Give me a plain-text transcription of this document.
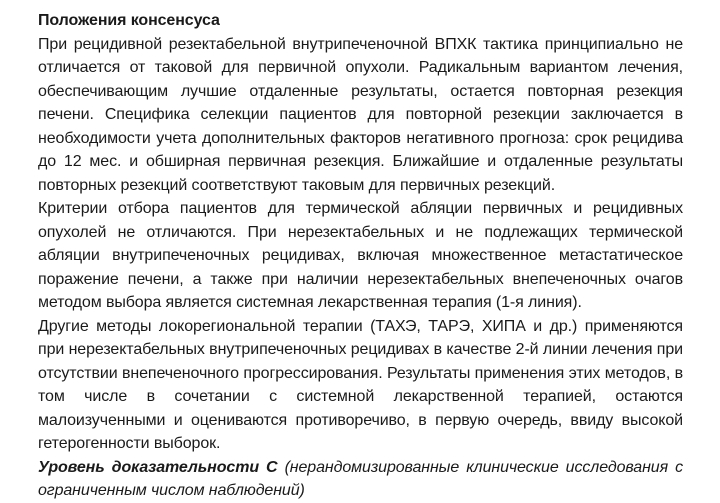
Положения консенсуса

При рецидивной резектабельной внутрипеченочной ВПХК тактика принципиально не отличается от таковой для первичной опухоли. Радикальным вариантом лечения, обеспечивающим лучшие отдаленные результаты, остается повторная резекция печени. Специфика селекции пациентов для повторной резекции заключается в необходимости учета дополнительных факторов негативного прогноза: срок рецидива до 12 мес. и обширная первичная резекция. Ближайшие и отдаленные результаты повторных резекций соответствуют таковым для первичных резекций.

Критерии отбора пациентов для термической абляции первичных и рецидивных опухолей не отличаются. При нерезектабельных и не подлежащих термической абляции внутрипеченочных рецидивах, включая множественное метастатическое поражение печени, а также при наличии нерезектабельных внепеченочных очагов методом выбора является системная лекарственная терапия (1-я линия).

Другие методы локорегиональной терапии (ТАХЭ, ТАРЭ, ХИПА и др.) применяются при нерезектабельных внутрипеченочных рецидивах в качестве 2-й линии лечения при отсутствии внепеченочного прогрессирования. Результаты применения этих методов, в том числе в сочетании с системной лекарственной терапией, остаются малоизученными и оцениваются противоречиво, в первую очередь, ввиду высокой гетерогенности выборок.

Уровень доказательности С (нерандомизированные клинические исследования с ограниченным числом наблюдений)
